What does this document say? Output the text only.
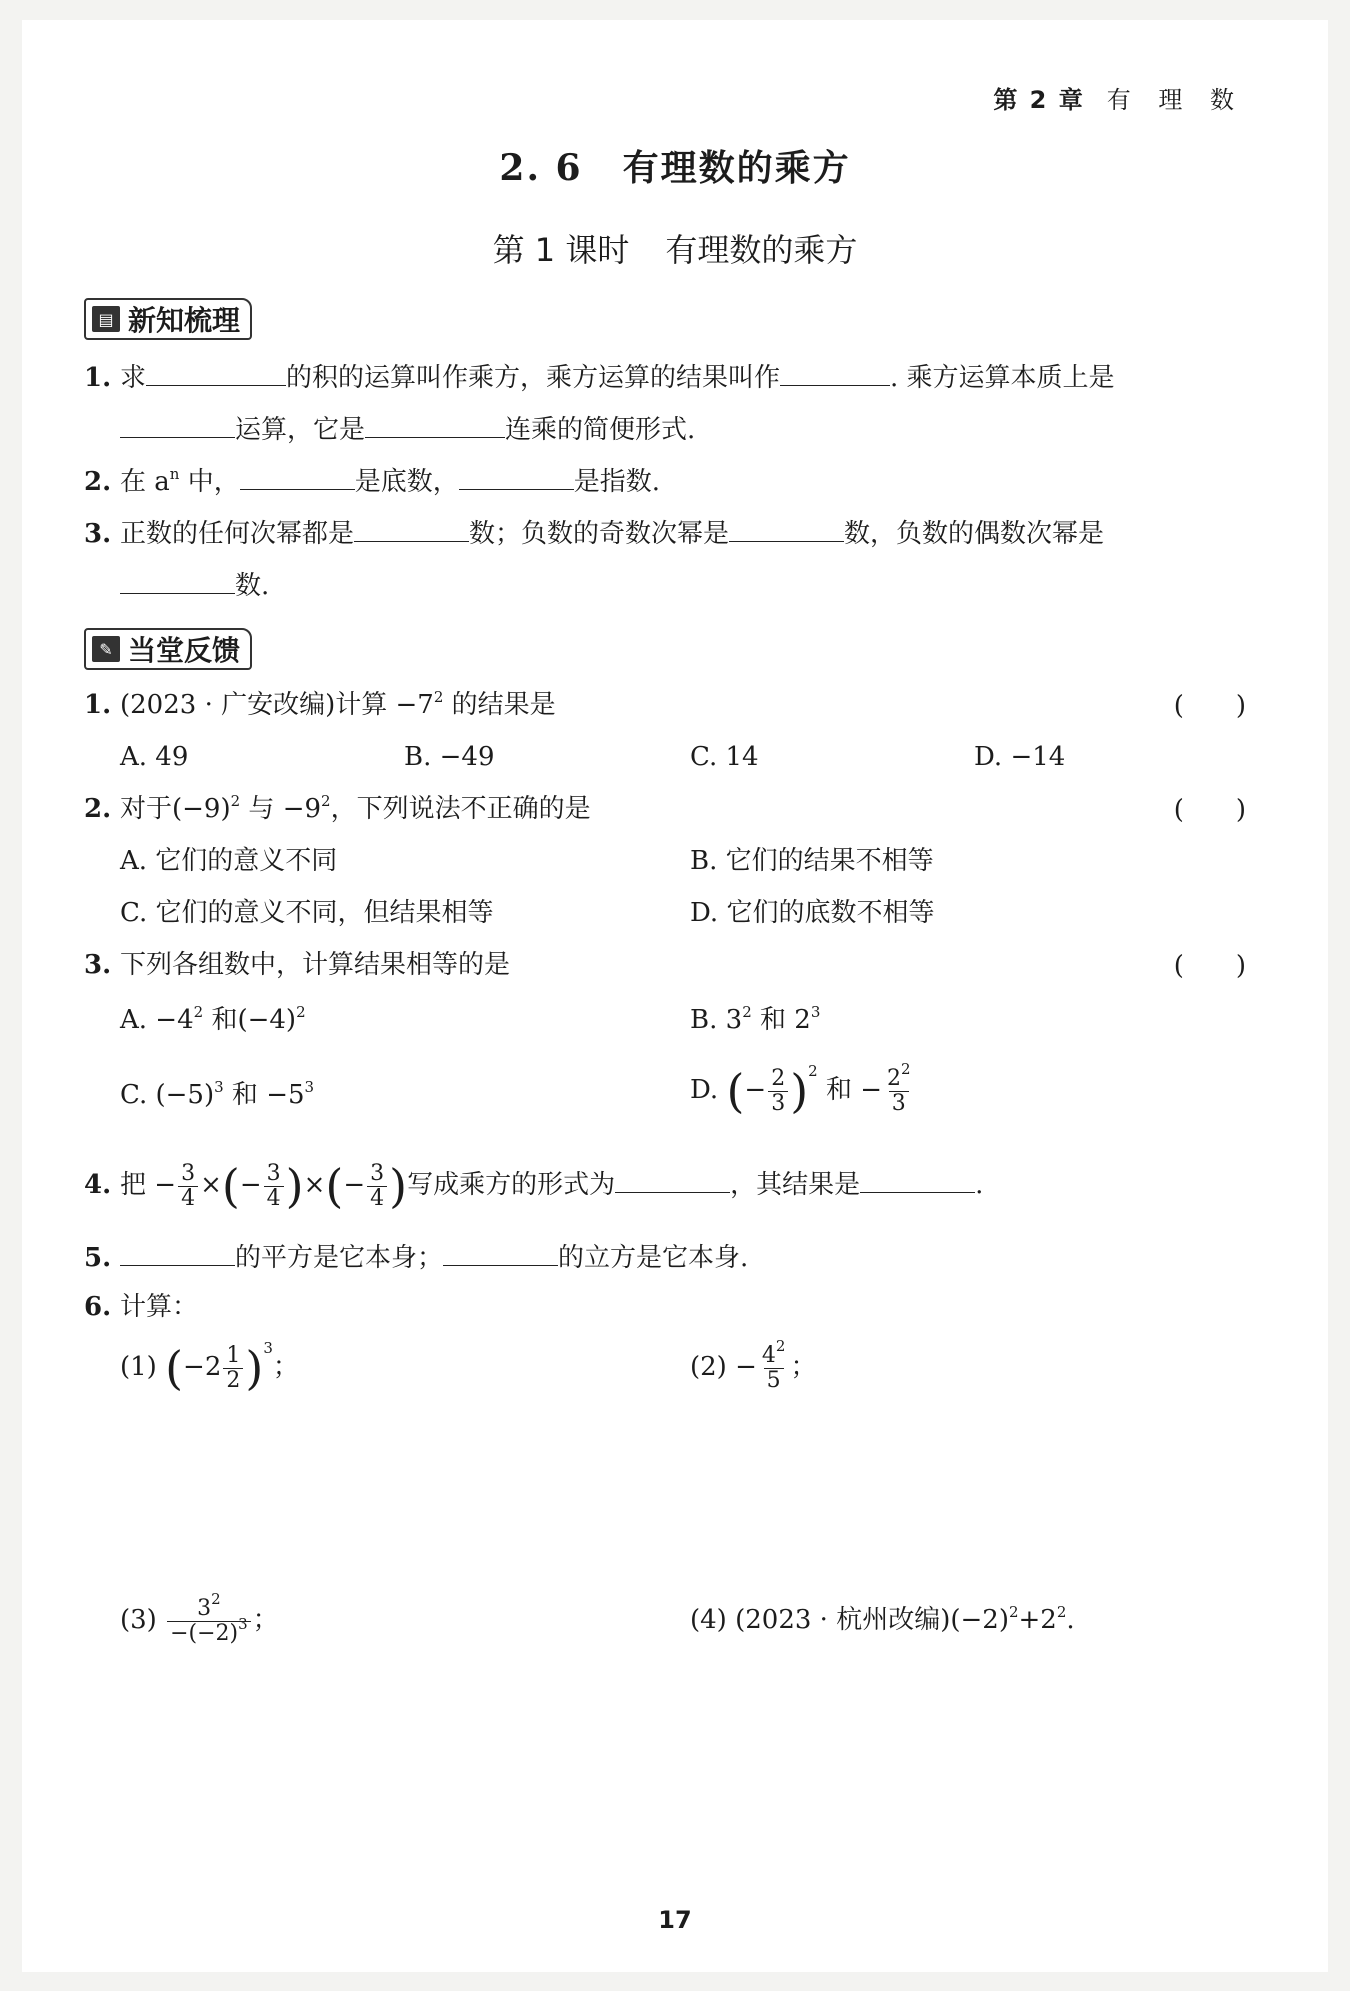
第 2 章 有 理 数
2. 6 有理数的乘方
第 1 课时 有理数的乘方
▤ 新知梳理
1. 求	的积的运算叫作乘方，乘方运算的结果叫作	. 乘方运算本质上是
运算，它是	连乘的简便形式.
2. 在 $a^n$ 中，	是底数，	是指数.
3. 正数的任何次幂都是	数；负数的奇数次幂是	数，负数的偶数次幂是
数.
✎ 当堂反馈
1. (2023 · 广安改编)计算 $-7^2$ 的结果是	(　　)
A. 49	B. −49	C. 14	D. −14
2. 对于$(-9)^2$ 与 $-9^2$，下列说法不正确的是	(　　)
A. 它们的意义不同	B. 它们的结果不相等
C. 它们的意义不同，但结果相等	D. 它们的底数不相等
3. 下列各组数中，计算结果相等的是	(　　)
A. $-4^2$ 和$(-4)^2$	B. $3^2$ 和 $2^3$
C. $(-5)^3$ 和 $-5^3$	D. (− $\frac{2}{3} )^2$ 和 − $\frac{2^2}{3}$
4. 把 − $\frac{3}{4}$ ×(− $\frac{3}{4}$ )×(− $\frac{3}{4}$ )写成乘方的形式为	，其结果是	.
5.	的平方是它本身；	的立方是它本身.
6. 计算：
(1) $(-2 \frac{1}{2} )^3$；	$(2) - \frac{4^2}{5}$ ；
$(3) \frac{3^2}{-(-2)^3}$ ；	(4) (2023 · 杭州改编)$(-2)^2+2^2$.
17
